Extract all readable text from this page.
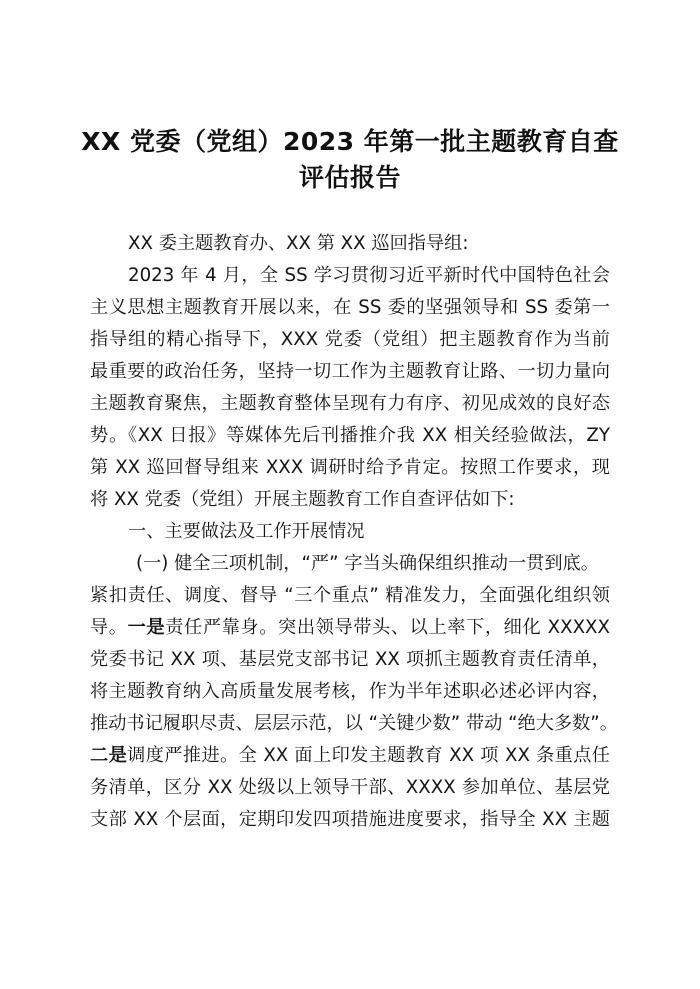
XX 党委（党组）2023 年第一批主题教育自查
评估报告
XX 委主题教育办、XX 第 XX 巡回指导组:
2023 年 4 月，全 SS 学习贯彻习近平新时代中国特色社会
主义思想主题教育开展以来，在 SS 委的坚强领导和 SS 委第一
指导组的精心指导下，XXX 党委（党组）把主题教育作为当前
最重要的政治任务，坚持一切工作为主题教育让路、一切力量向
主题教育聚焦，主题教育整体呈现有力有序、初见成效的良好态
势。《XX 日报》等媒体先后刊播推介我 XX 相关经验做法，ZY
第 XX 巡回督导组来 XXX 调研时给予肯定。按照工作要求，现
将 XX 党委（党组）开展主题教育工作自查评估如下:
一、主要做法及工作开展情况
(一) 健全三项机制，“严” 字当头确保组织推动一贯到底。
紧扣责任、调度、督导 “三个重点” 精准发力，全面强化组织领
导。一是责任严靠身。突出领导带头、以上率下，细化 XXXXX
党委书记 XX 项、基层党支部书记 XX 项抓主题教育责任清单，
将主题教育纳入高质量发展考核，作为半年述职必述必评内容，
推动书记履职尽责、层层示范，以 “关键少数” 带动 “绝大多数”。
二是调度严推进。全 XX 面上印发主题教育 XX 项 XX 条重点任
务清单，区分 XX 处级以上领导干部、XXXX 参加单位、基层党
支部 XX 个层面，定期印发四项措施进度要求，指导全 XX 主题
